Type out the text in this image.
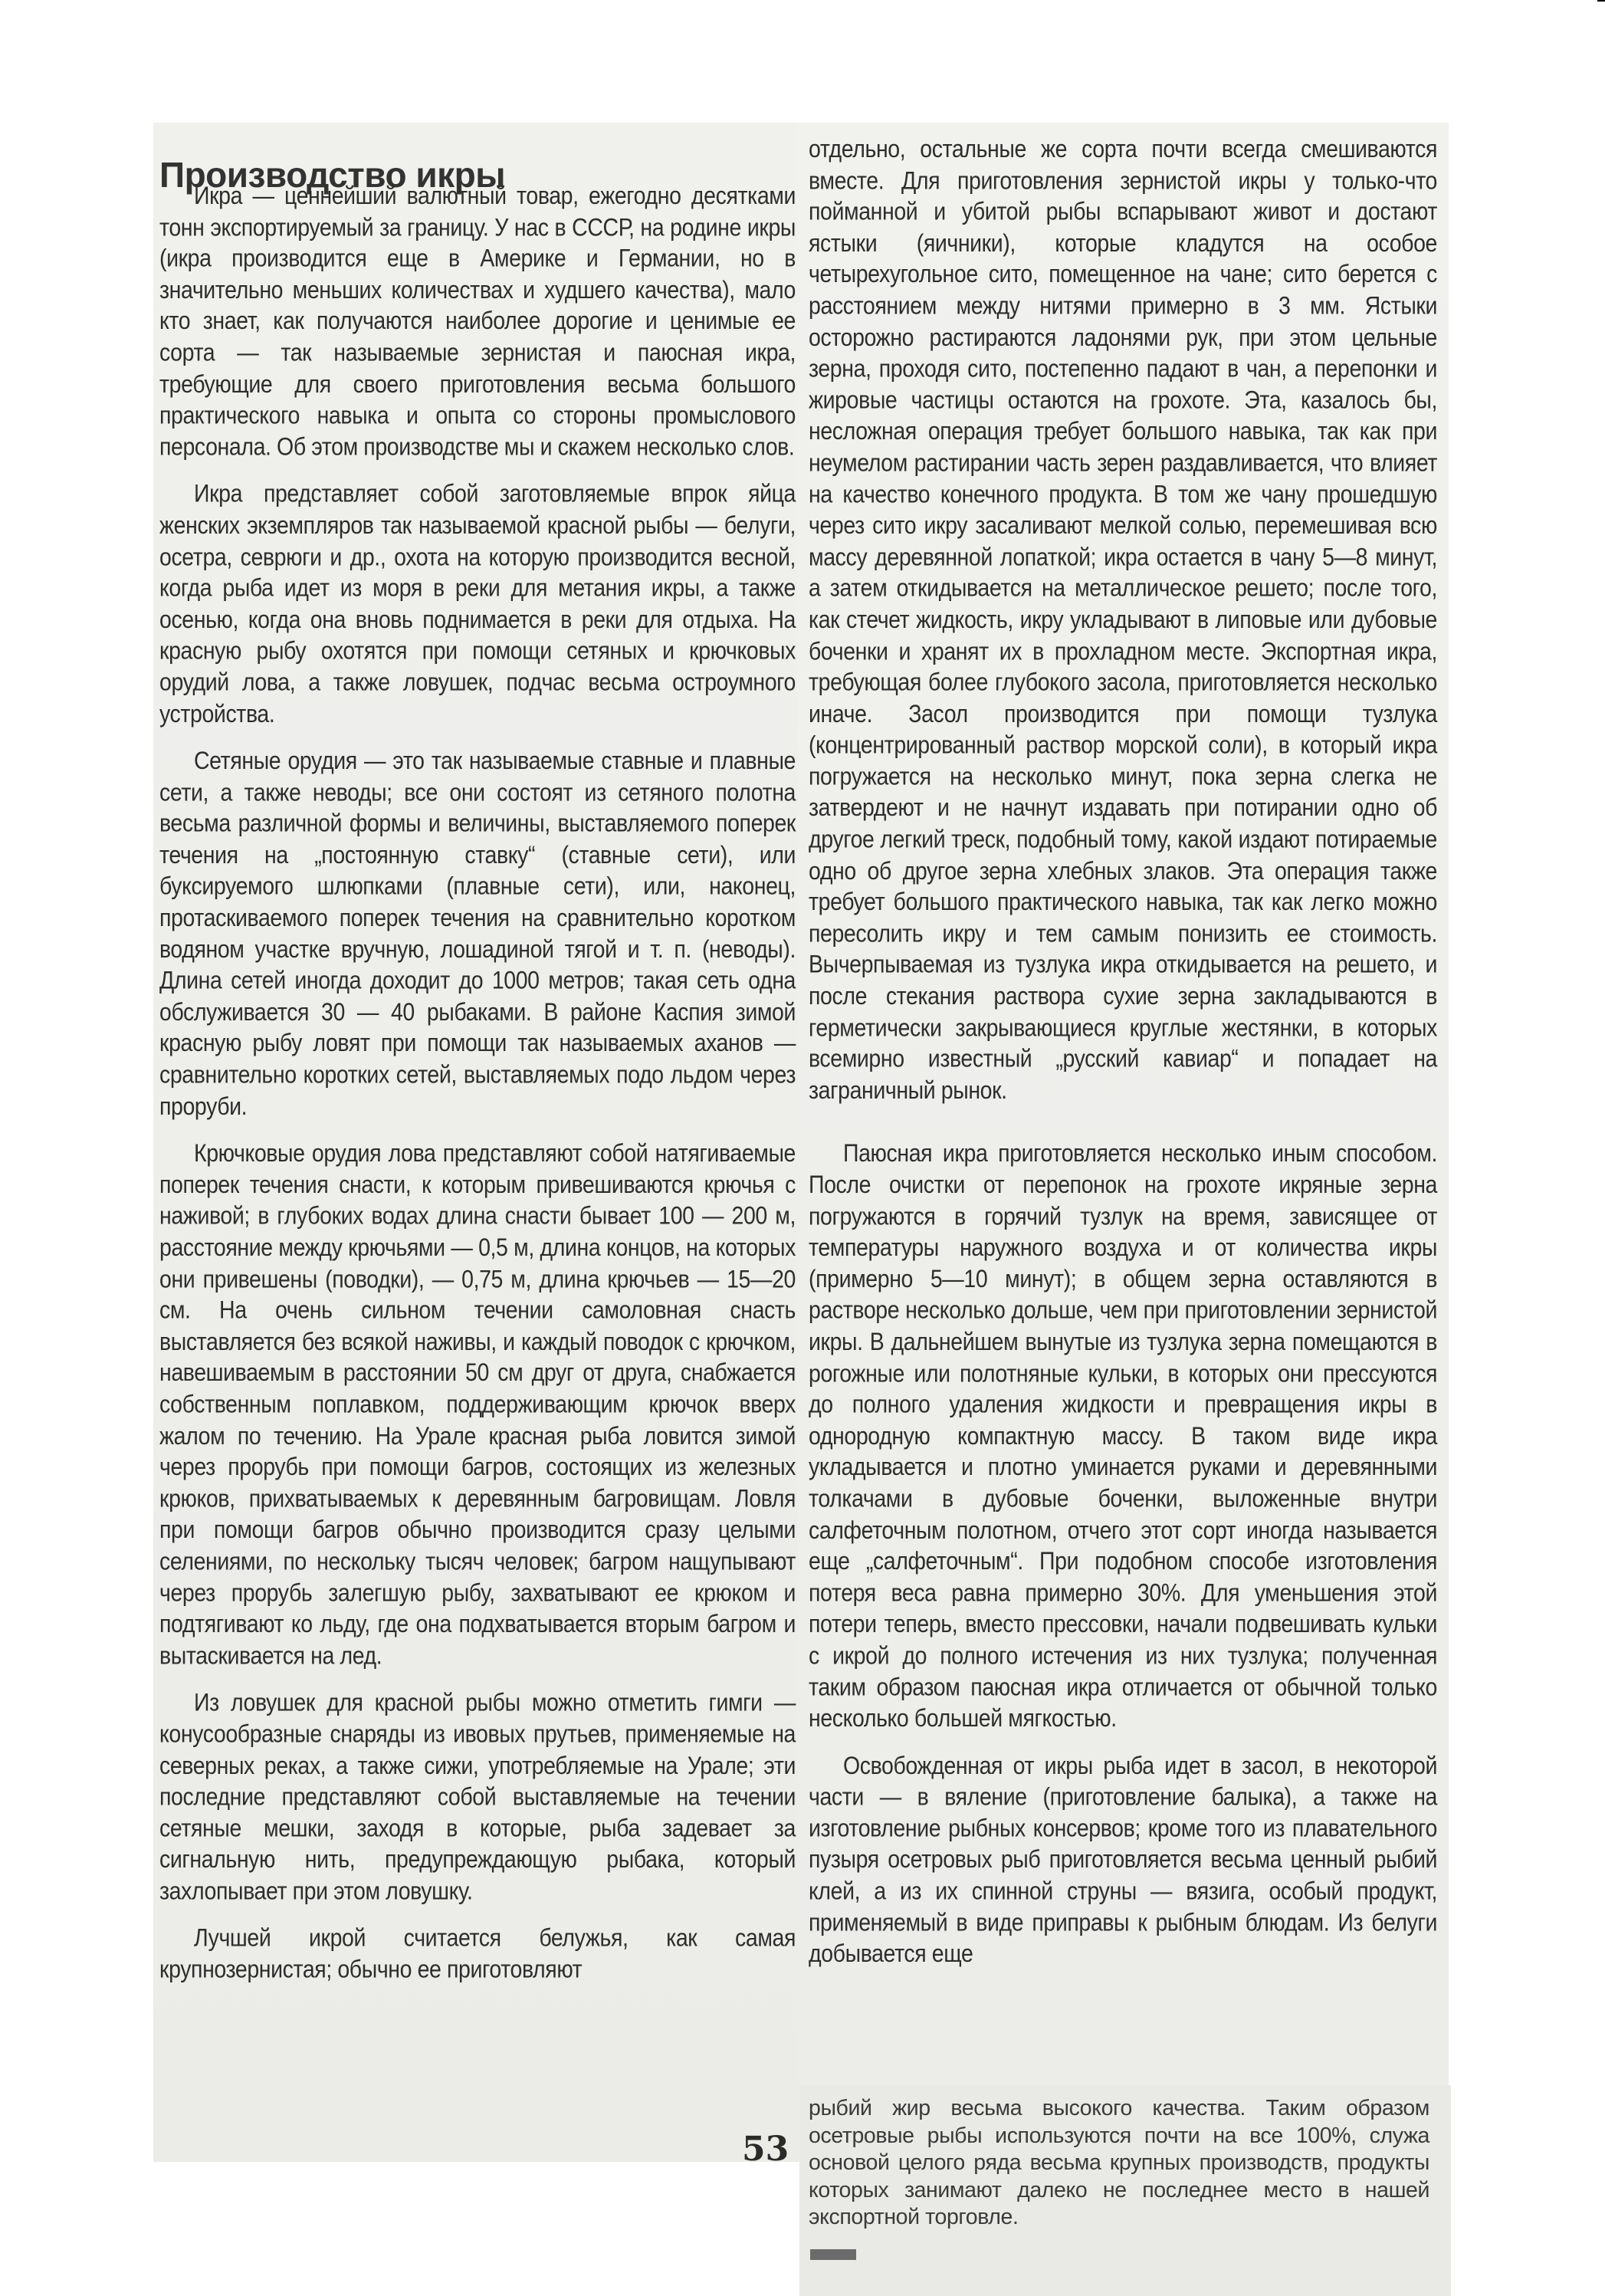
Производство икры

Икра — ценнейший валютный товар, ежегодно десятками тонн экспортируемый за границу. У нас в СССР, на родине икры (икра производится еще в Америке и Германии, но в значительно меньших количествах и худшего качества), мало кто знает, как получаются наиболее дорогие и ценимые ее сорта — так называемые зернистая и паюсная икра, требующие для своего приготовления весьма большого практического навыка и опыта со стороны промыслового персонала. Об этом производстве мы и скажем несколько слов.

Икра представляет собой заготовляемые впрок яйца женских экземпляров так называемой красной рыбы — белуги, осетра, севрюги и др., охота на которую производится весной, когда рыба идет из моря в реки для метания икры, а также осенью, когда она вновь поднимается в реки для отдыха. На красную рыбу охотятся при помощи сетяных и крючковых орудий лова, а также ловушек, подчас весьма остроумного устройства.

Сетяные орудия — это так называемые ставные и плавные сети, а также неводы; все они состоят из сетяного полотна весьма различной формы и величины, выставляемого поперек течения на „постоянную ставку“ (ставные сети), или буксируемого шлюпками (плавные сети), или, наконец, протаскиваемого поперек течения на сравнительно коротком водяном участке вручную, лошадиной тягой и т. п. (неводы). Длина сетей иногда доходит до 1000 метров; такая сеть одна обслуживается 30 — 40 рыбаками. В районе Каспия зимой красную рыбу ловят при помощи так называемых аханов — сравнительно коротких сетей, выставляемых подо льдом через проруби.

Крючковые орудия лова представляют собой натягиваемые поперек течения снасти, к которым привешиваются крючья с наживой; в глубоких водах длина снасти бывает 100 — 200 м, расстояние между крючьями — 0,5 м, длина концов, на которых они привешены (поводки), — 0,75 м, длина крючьев — 15—20 см. На очень сильном течении самоловная снасть выставляется без всякой наживы, и каждый поводок с крючком, навешиваемым в расстоянии 50 см друг от друга, снабжается собственным поплавком, поддерживающим крючок вверх жалом по течению. На Урале красная рыба ловится зимой через прорубь при помощи багров, состоящих из железных крюков, прихватываемых к деревянным багровищам. Ловля при помощи багров обычно производится сразу целыми селениями, по нескольку тысяч человек; багром нащупывают через прорубь залегшую рыбу, захватывают ее крюком и подтягивают ко льду, где она подхватывается вторым багром и вытаскивается на лед.

Из ловушек для красной рыбы можно отметить гимги — конусообразные снаряды из ивовых прутьев, применяемые на северных реках, а также сижи, употребляемые на Урале; эти последние представляют собой выставляемые на течении сетяные мешки, заходя в которые, рыба задевает за сигнальную нить, предупреждающую рыбака, который захлопывает при этом ловушку.

Лучшей икрой считается белужья, как самая крупнозернистая; обычно ее приготовляют

отдельно, остальные же сорта почти всегда смешиваются вместе. Для приготовления зернистой икры у только-что пойманной и убитой рыбы вспарывают живот и достают ястыки (яичники), которые кладутся на особое четырехугольное сито, помещенное на чане; сито берется с расстоянием между нитями примерно в 3 мм. Ястыки осторожно растираются ладонями рук, при этом цельные зерна, проходя сито, постепенно падают в чан, а перепонки и жировые частицы остаются на грохоте. Эта, казалось бы, несложная операция требует большого навыка, так как при неумелом растирании часть зерен раздавливается, что влияет на качество конечного продукта. В том же чану прошедшую через сито икру засаливают мелкой солью, перемешивая всю массу деревянной лопаткой; икра остается в чану 5—8 минут, а затем откидывается на металлическое решето; после того, как стечет жидкость, икру укладывают в липовые или дубовые боченки и хранят их в прохладном месте. Экспортная икра, требующая более глубокого засола, приготовляется несколько иначе. Засол производится при помощи тузлука (концентрированный раствор морской соли), в который икра погружается на несколько минут, пока зерна слегка не затвердеют и не начнут издавать при потирании одно об другое легкий треск, подобный тому, какой издают потираемые одно об другое зерна хлебных злаков. Эта операция также требует большого практического навыка, так как легко можно пересолить икру и тем самым понизить ее стоимость. Вычерпываемая из тузлука икра откидывается на решето, и после стекания раствора сухие зерна закладываются в герметически закрывающиеся круглые жестянки, в которых всемирно известный „русский кавиар“ и попадает на заграничный рынок.

Паюсная икра приготовляется несколько иным способом. После очистки от перепонок на грохоте икряные зерна погружаются в горячий тузлук на время, зависящее от температуры наружного воздуха и от количества икры (примерно 5—10 минут); в общем зерна оставляются в растворе несколько дольше, чем при приготовлении зернистой икры. В дальнейшем вынутые из тузлука зерна помещаются в рогожные или полотняные кульки, в которых они прессуются до полного удаления жидкости и превращения икры в однородную компактную массу. В таком виде икра укладывается и плотно уминается руками и деревянными толкачами в дубовые боченки, выложенные внутри салфеточным полотном, отчего этот сорт иногда называется еще „салфеточным“. При подобном способе изготовления потеря веса равна примерно 30%. Для уменьшения этой потери теперь, вместо прессовки, начали подвешивать кульки с икрой до полного истечения из них тузлука; полученная таким образом паюсная икра отличается от обычной только несколько большей мягкостью.

Освобожденная от икры рыба идет в засол, в некоторой части — в вяление (приготовление балыка), а также на изготовление рыбных консервов; кроме того из плавательного пузыря осетровых рыб приготовляется весьма ценный рыбий клей, а из их спинной струны — вязига, особый продукт, применяемый в виде приправы к рыбным блюдам. Из белуги добывается еще

53

рыбий жир весьма высокого качества. Таким образом осетровые рыбы используются почти на все 100%, служа основой целого ряда весьма крупных производств, продукты которых занимают далеко не последнее место в нашей экспортной торговле.
